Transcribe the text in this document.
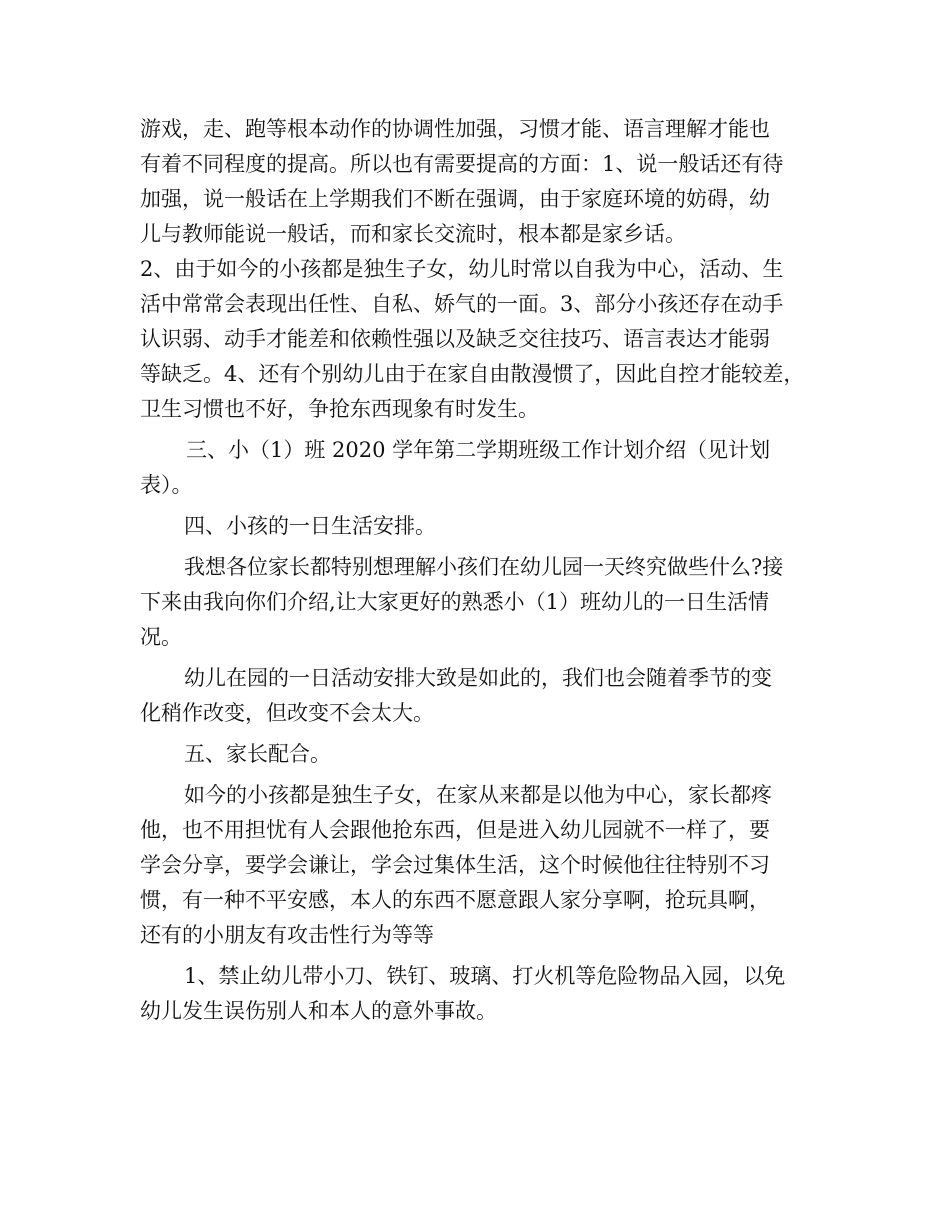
游戏，走、跑等根本动作的协调性加强，习惯才能、语言理解才能也

有着不同程度的提高。所以也有需要提高的方面：1、说一般话还有待

加强，说一般话在上学期我们不断在强调，由于家庭环境的妨碍，幼

儿与教师能说一般话，而和家长交流时，根本都是家乡话。

2、由于如今的小孩都是独生子女，幼儿时常以自我为中心，活动、生

活中常常会表现出任性、自私、娇气的一面。3、部分小孩还存在动手

认识弱、动手才能差和依赖性强以及缺乏交往技巧、语言表达才能弱

等缺乏。4、还有个别幼儿由于在家自由散漫惯了，因此自控才能较差，

卫生习惯也不好，争抢东西现象有时发生。

三、小（1）班 2020 学年第二学期班级工作计划介绍（见计划

表）。

四、小孩的一日生活安排。

我想各位家长都特别想理解小孩们在幼儿园一天终究做些什么?接

下来由我向你们介绍,让大家更好的熟悉小（1）班幼儿的一日生活情

况。

幼儿在园的一日活动安排大致是如此的，我们也会随着季节的变

化稍作改变，但改变不会太大。

五、家长配合。

如今的小孩都是独生子女，在家从来都是以他为中心，家长都疼

他，也不用担忧有人会跟他抢东西，但是进入幼儿园就不一样了，要

学会分享，要学会谦让，学会过集体生活，这个时候他往往特别不习

惯，有一种不平安感，本人的东西不愿意跟人家分享啊，抢玩具啊，

还有的小朋友有攻击性行为等等

1、禁止幼儿带小刀、铁钉、玻璃、打火机等危险物品入园，以免

幼儿发生误伤别人和本人的意外事故。
